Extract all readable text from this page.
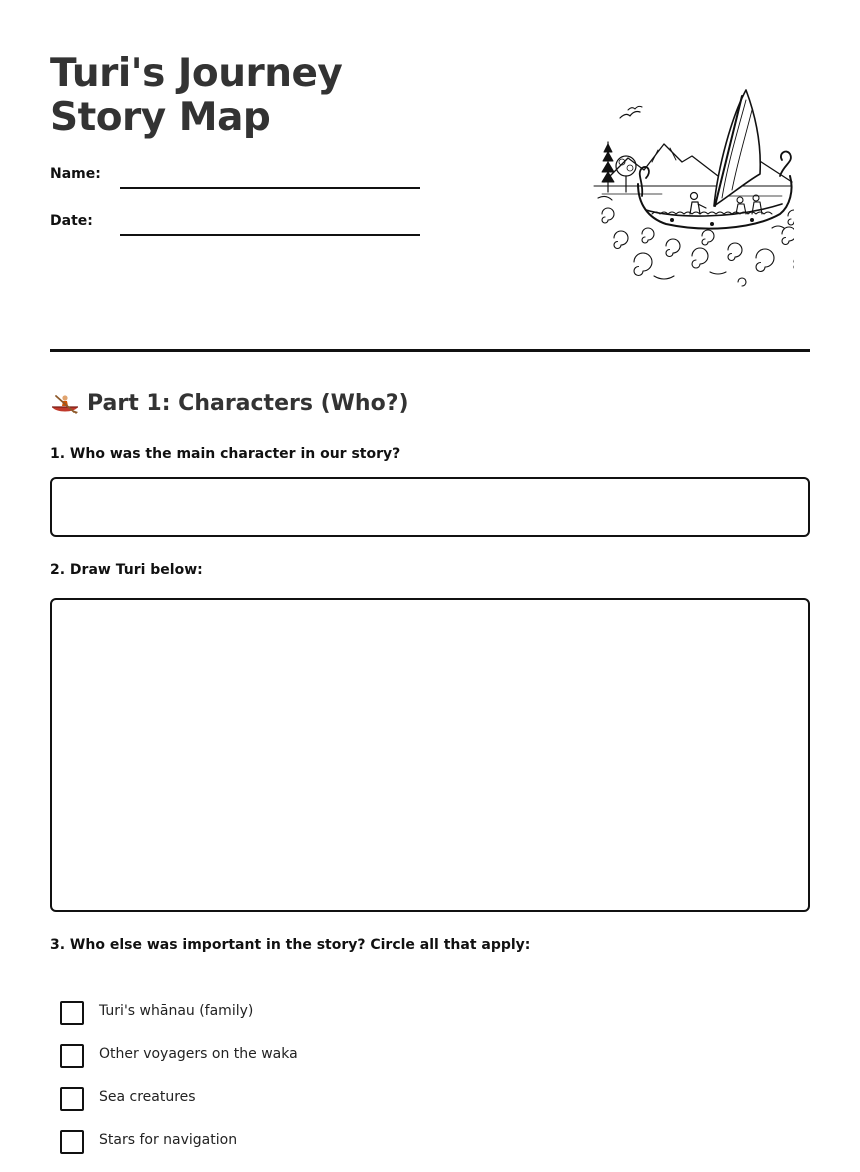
Turi's Journey Story Map
Name:
Date:
Part 1: Characters (Who?)

1. Who was the main character in our story?

2. Draw Turi below:

3. Who else was important in the story? Circle all that apply:

Turi's whānau (family)
Other voyagers on the waka
Sea creatures
Stars for navigation
